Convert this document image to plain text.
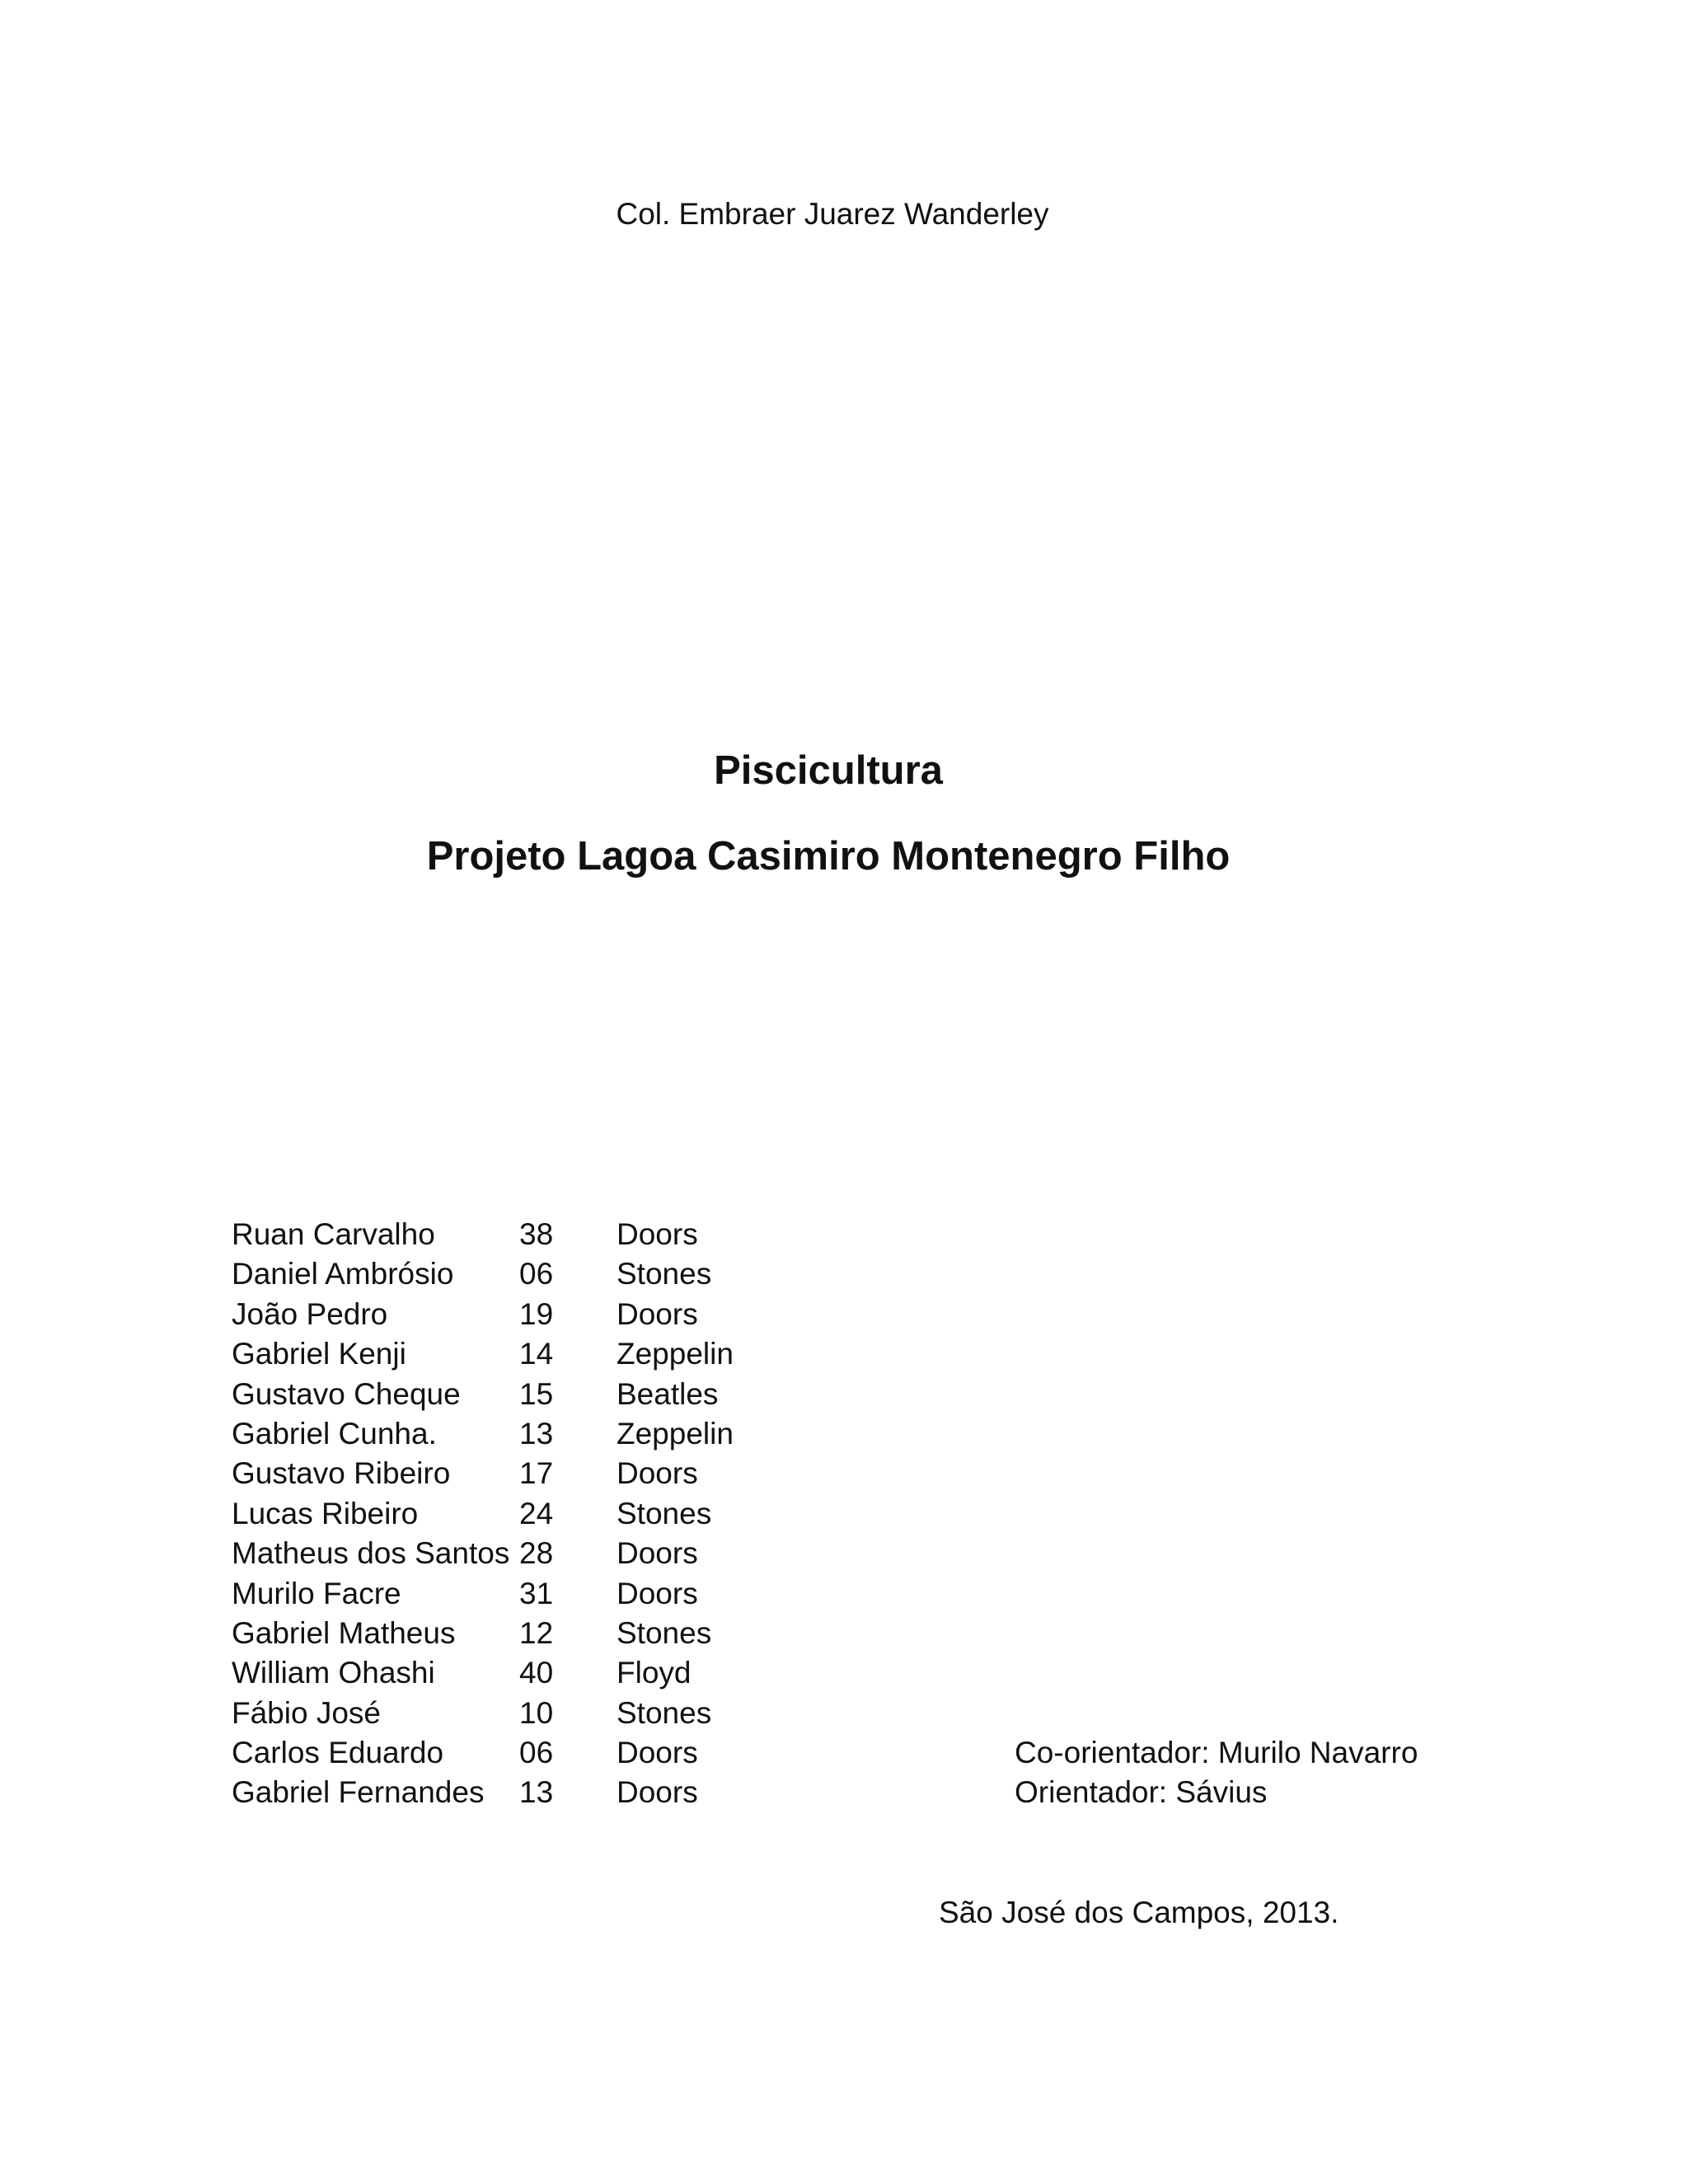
Col. Embraer Juarez Wanderley
Piscicultura
Projeto Lagoa Casimiro Montenegro Filho
Ruan Carvalho	38 Doors
Daniel Ambrósio 06 Stones
João Pedro	19 Doors
Gabriel Kenji	14 Zeppelin
Gustavo Cheque 15 Beatles
Gabriel Cunha.	13 Zeppelin
Gustavo Ribeiro 17 Doors
Lucas Ribeiro	24 Stones
Matheus dos Santos 28 Doors
Murilo Facre	31 Doors
Gabriel Matheus 12 Stones
William Ohashi	40 Floyd
Fábio José	10 Stones
Carlos Eduardo 06 Doors
Gabriel Fernandes 13 Doors
Co-orientador: Murilo Navarro
Orientador: Sávius
São José dos Campos, 2013.
